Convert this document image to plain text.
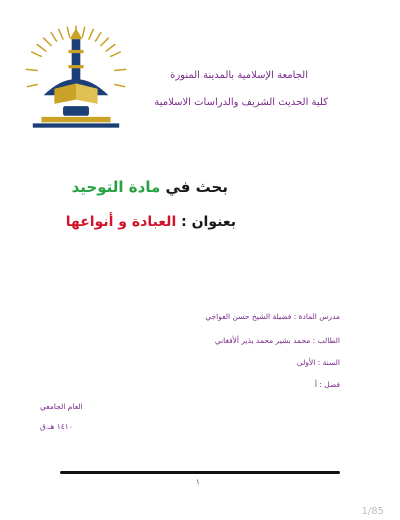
الجامعة الإسلامية بالمدينة المنورة
كلية الحديث الشريف والدراسات الاسلامية
بحث في مادة التوحيد
بعنوان : العبادة و أنواعها
مدرس المادة : فضيلة الشيخ حسن العواجي
الطالب : محمد بشير محمد يذير ألأفغاني
السنة : الأولى
فصل : أ
العام الجامعي
١٤١٠ هـ.ق
١
1/85
